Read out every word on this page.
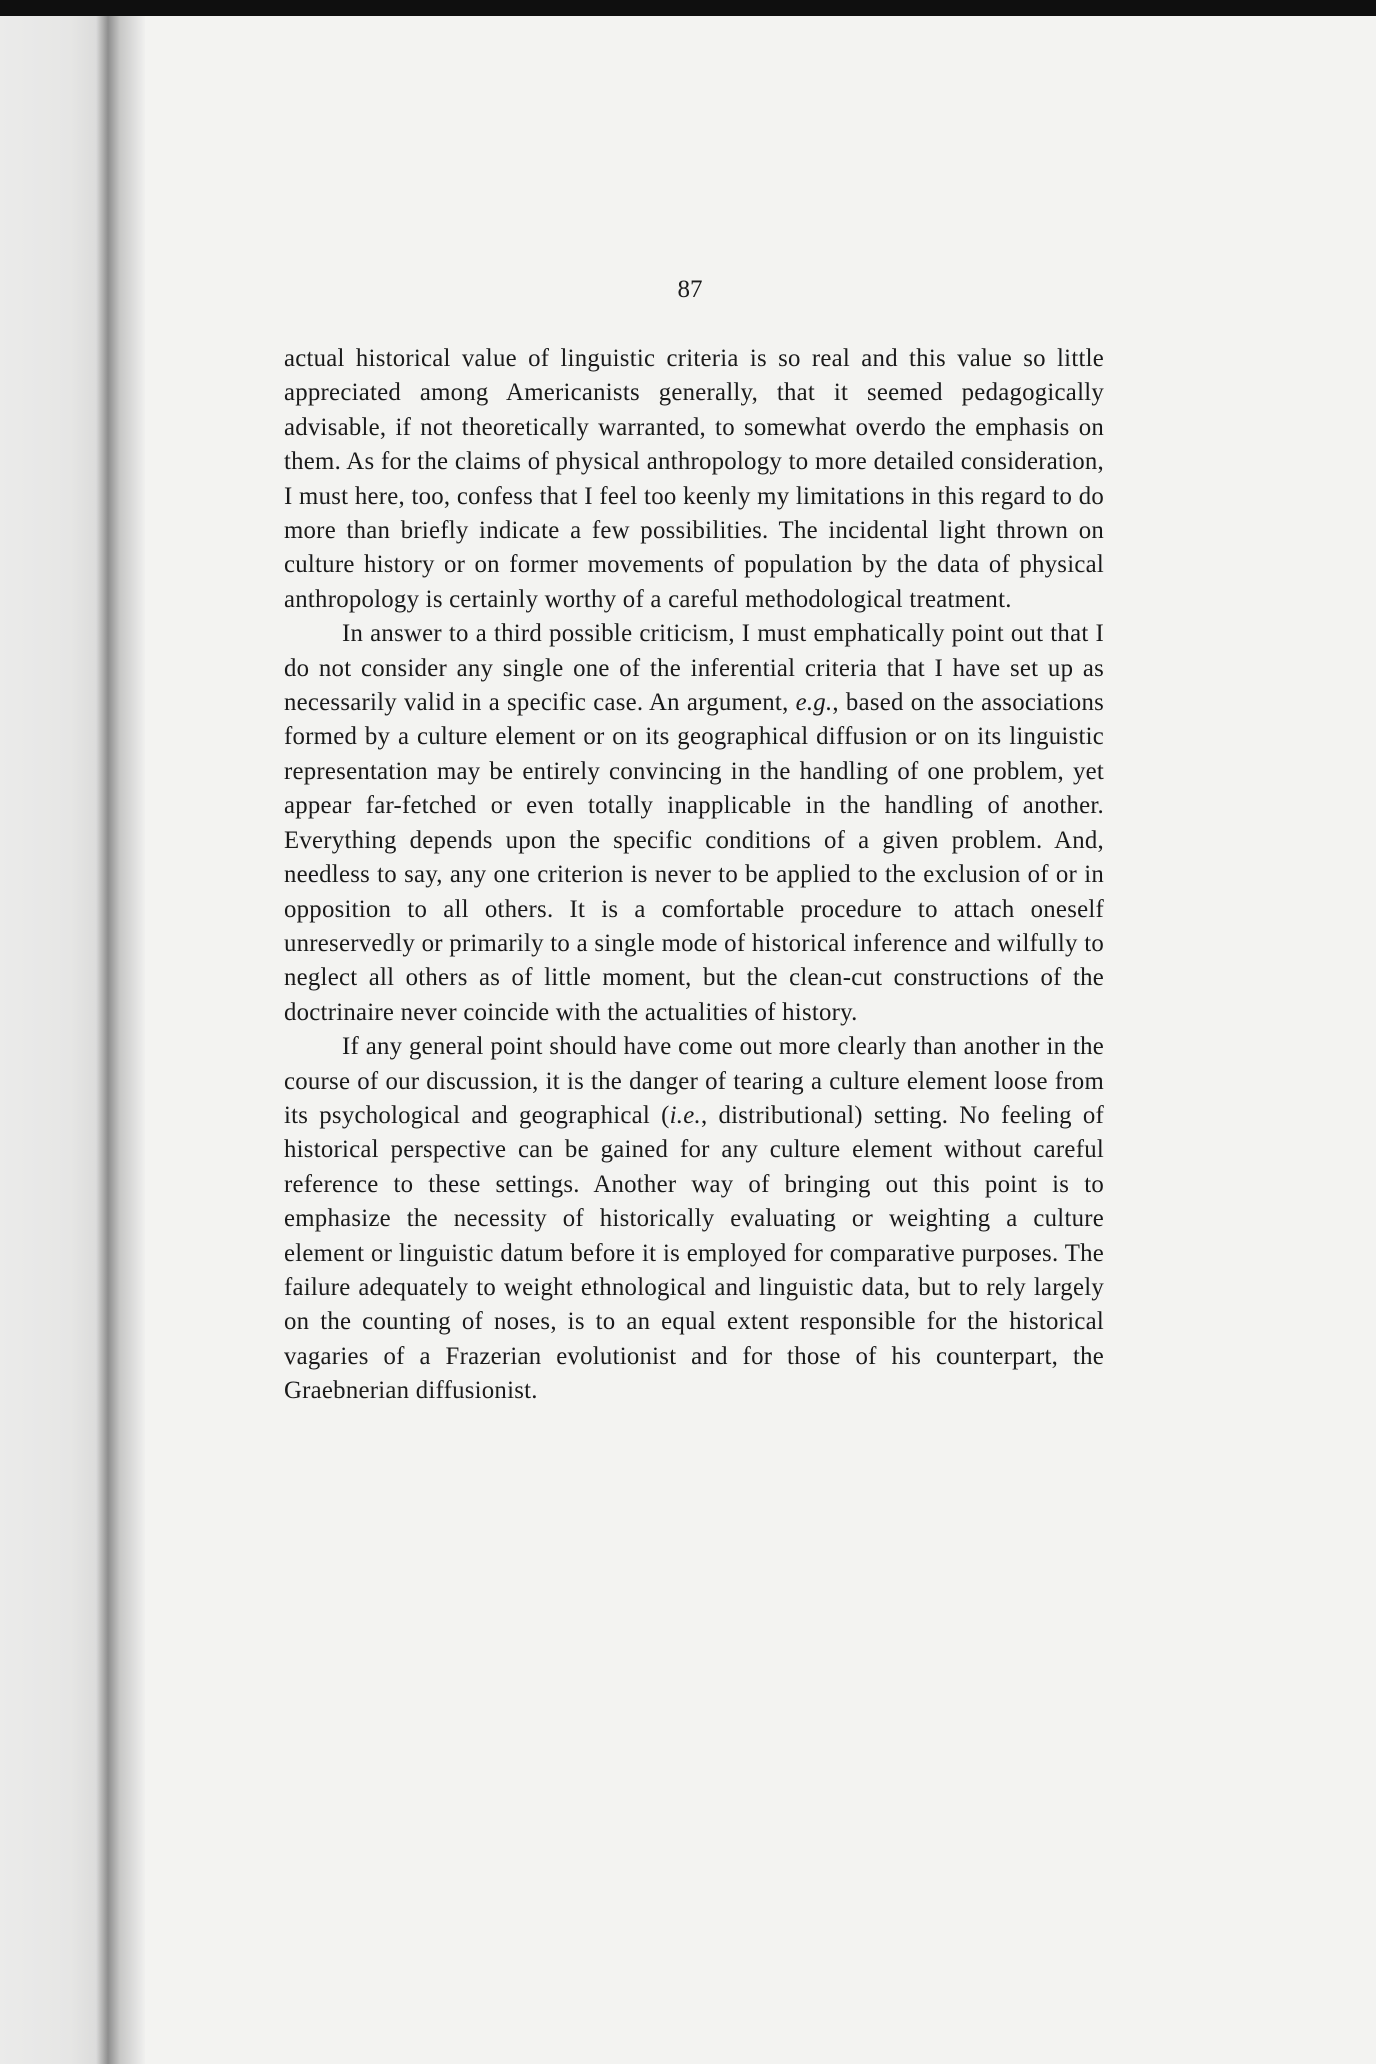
87

actual historical value of linguistic criteria is so real and this value so little appreciated among Americanists generally, that it seemed pedagogically advisable, if not theoretically warranted, to somewhat overdo the emphasis on them. As for the claims of physical anthropology to more detailed consideration, I must here, too, confess that I feel too keenly my limitations in this regard to do more than briefly indicate a few possibilities. The incidental light thrown on culture history or on former movements of population by the data of physical anthropology is certainly worthy of a careful methodological treatment.

In answer to a third possible criticism, I must emphatically point out that I do not consider any single one of the inferential criteria that I have set up as necessarily valid in a specific case. An argument, e.g., based on the associations formed by a culture element or on its geographical diffusion or on its linguistic representation may be entirely convincing in the handling of one problem, yet appear far-fetched or even totally inapplicable in the handling of another. Everything depends upon the specific conditions of a given problem. And, needless to say, any one criterion is never to be applied to the exclusion of or in opposition to all others. It is a comfortable procedure to attach oneself unreservedly or primarily to a single mode of historical inference and wilfully to neglect all others as of little moment, but the clean-cut constructions of the doctrinaire never coincide with the actualities of history.

If any general point should have come out more clearly than another in the course of our discussion, it is the danger of tearing a culture element loose from its psychological and geographical (i.e., distributional) setting. No feeling of historical perspective can be gained for any culture element without careful reference to these settings. Another way of bringing out this point is to emphasize the necessity of historically evaluating or weighting a culture element or linguistic datum before it is employed for comparative purposes. The failure adequately to weight ethnological and linguistic data, but to rely largely on the counting of noses, is to an equal extent responsible for the historical vagaries of a Frazerian evolutionist and for those of his counterpart, the Graebnerian diffusionist.
